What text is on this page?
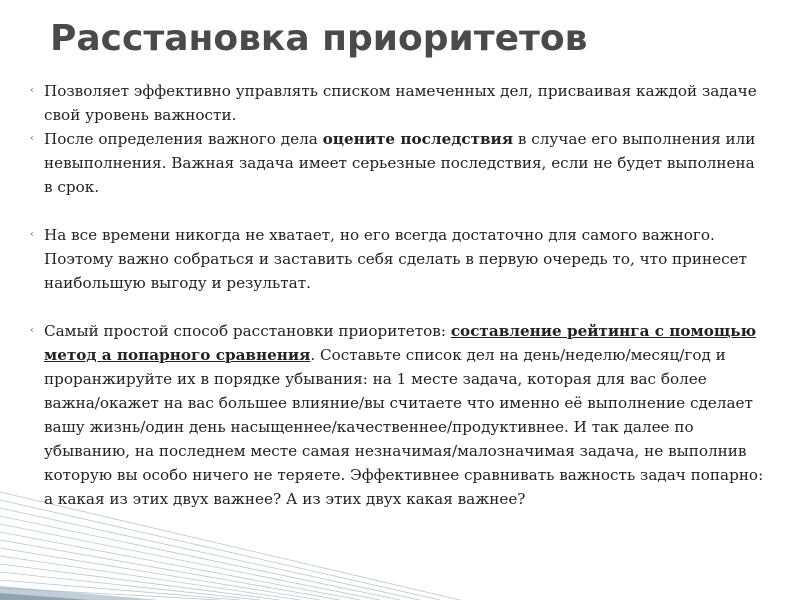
Расстановка приоритетов
‹ Позволяет эффективно управлять списком намеченных дел, присваивая каждой задаче свой уровень важности.
‹ После определения важного дела оцените последствия в случае его выполнения или невыполнения. Важная задача имеет серьезные последствия, если не будет выполнена в срок.
‹ На все времени никогда не хватает, но его всегда достаточно для самого важного. Поэтому важно собраться и заставить себя сделать в первую очередь то, что принесет наибольшую выгоду и результат.
‹ Самый простой способ расстановки приоритетов: составление рейтинга с помощью метод а попарного сравнения. Составьте список дел на день/неделю/месяц/год и проранжируйте их в порядке убывания: на 1 месте задача, которая для вас более важна/окажет на вас большее влияние/вы считаете что именно её выполнение сделает вашу жизнь/один день насыщеннее/качественнее/продуктивнее. И так далее по убыванию, на последнем месте самая незначимая/малозначимая задача, не выполнив которую вы особо ничего не теряете. Эффективнее сравнивать важность задач попарно: а какая из этих двух важнее? А из этих двух какая важнее?
